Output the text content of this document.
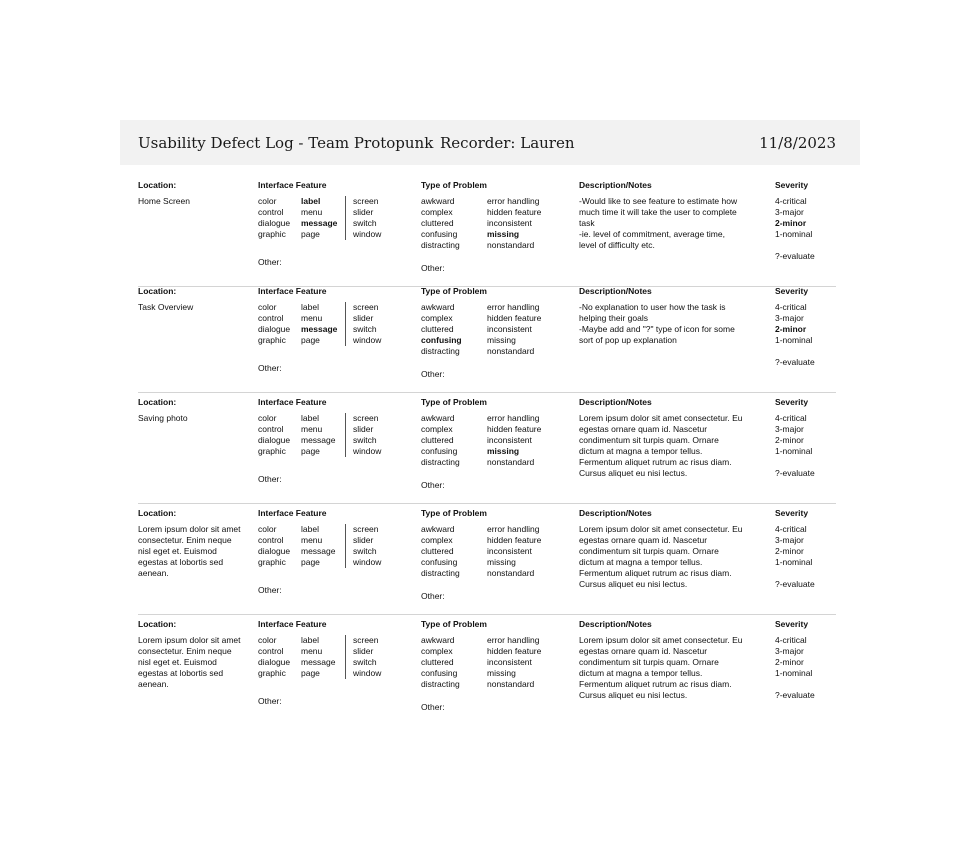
Usability Defect Log - Team Protopunk Recorder: Lauren	11/8/2023
Location:
Home Screen
Interface Feature
color
control
dialogue
graphic
label
menu
message
page
screen
slider
switch
window
Other:
Type of Problem
awkward
complex
cluttered
confusing
distracting
error handling
hidden feature
inconsistent
missing
nonstandard
Other:
Description/Notes
-Would like to see feature to estimate how much time it will take the user to complete task
-ie. level of commitment, average time, level of difficulty etc.
Severity
4-critical
3-major
2-minor
1-nominal
?-evaluate
Location:
Task Overview
Interface Feature
color
control
dialogue
graphic
label
menu
message
page
screen
slider
switch
window
Other:
Type of Problem
awkward
complex
cluttered
confusing
distracting
error handling
hidden feature
inconsistent
missing
nonstandard
Other:
Description/Notes
-No explanation to user how the task is helping their goals
-Maybe add and "?" type of icon for some sort of pop up explanation
Severity
4-critical
3-major
2-minor
1-nominal
?-evaluate
Location:
Saving photo
Interface Feature
color
control
dialogue
graphic
label
menu
message
page
screen
slider
switch
window
Other:
Type of Problem
awkward
complex
cluttered
confusing
distracting
error handling
hidden feature
inconsistent
missing
nonstandard
Other:
Description/Notes
Lorem ipsum dolor sit amet consectetur. Eu egestas ornare quam id. Nascetur condimentum sit turpis quam. Ornare dictum at magna a tempor tellus. Fermentum aliquet rutrum ac risus diam. Cursus aliquet eu nisi lectus.
Severity
4-critical
3-major
2-minor
1-nominal
?-evaluate
Location:
Lorem ipsum dolor sit amet consectetur. Enim neque nisl eget et. Euismod egestas at lobortis sed aenean.
Interface Feature
color
control
dialogue
graphic
label
menu
message
page
screen
slider
switch
window
Other:
Type of Problem
awkward
complex
cluttered
confusing
distracting
error handling
hidden feature
inconsistent
missing
nonstandard
Other:
Description/Notes
Lorem ipsum dolor sit amet consectetur. Eu egestas ornare quam id. Nascetur condimentum sit turpis quam. Ornare dictum at magna a tempor tellus. Fermentum aliquet rutrum ac risus diam. Cursus aliquet eu nisi lectus.
Severity
4-critical
3-major
2-minor
1-nominal
?-evaluate
Location:
Lorem ipsum dolor sit amet consectetur. Enim neque nisl eget et. Euismod egestas at lobortis sed aenean.
Interface Feature
color
control
dialogue
graphic
label
menu
message
page
screen
slider
switch
window
Other:
Type of Problem
awkward
complex
cluttered
confusing
distracting
error handling
hidden feature
inconsistent
missing
nonstandard
Other:
Description/Notes
Lorem ipsum dolor sit amet consectetur. Eu egestas ornare quam id. Nascetur condimentum sit turpis quam. Ornare dictum at magna a tempor tellus. Fermentum aliquet rutrum ac risus diam. Cursus aliquet eu nisi lectus.
Severity
4-critical
3-major
2-minor
1-nominal
?-evaluate
